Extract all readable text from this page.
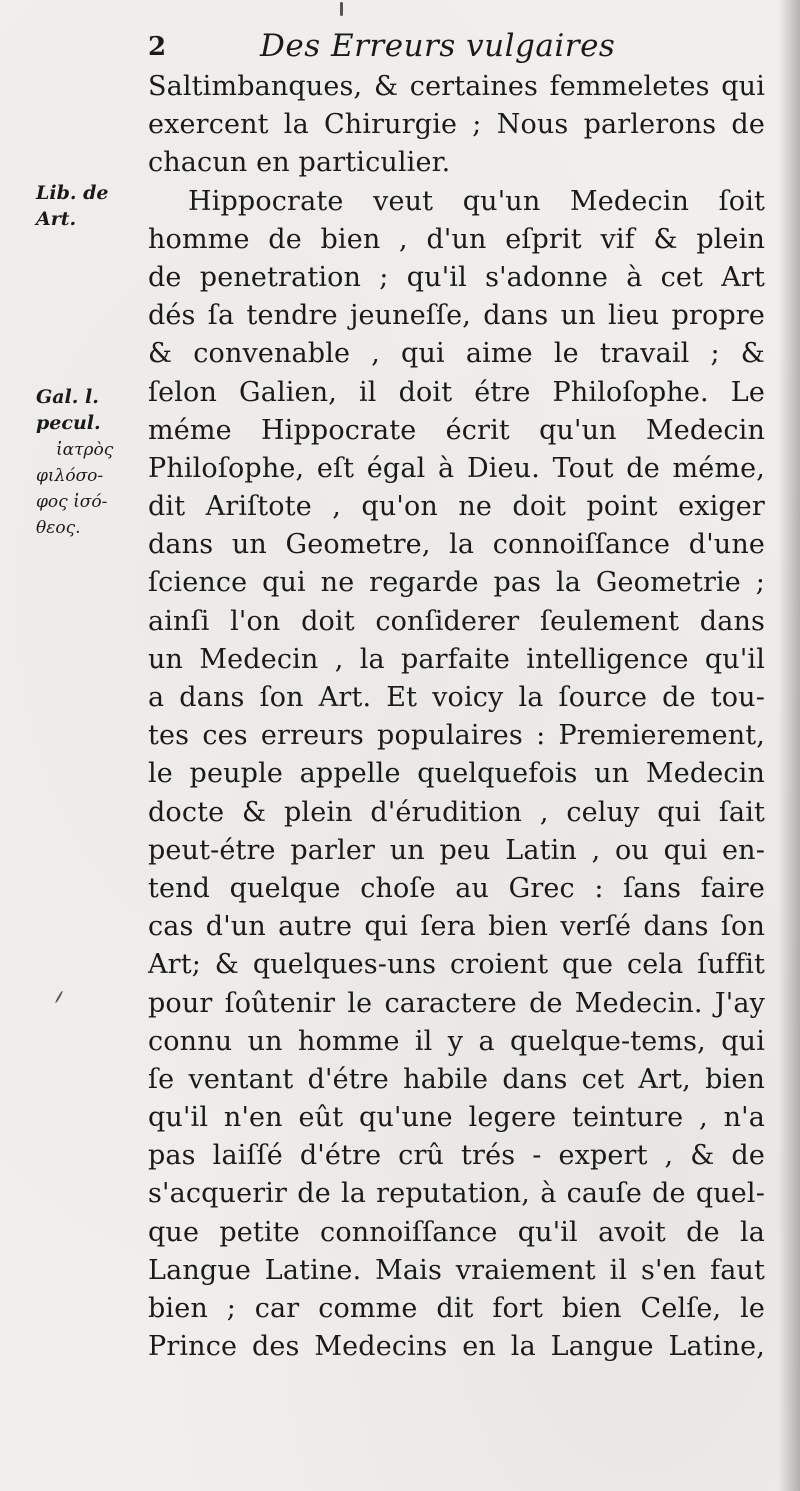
2	Des Erreurs vulgaires
Lib. de
Art.
Gal. l.
pecul.
ἰατρὸς
φιλόσο-
φος ἰσό-
θεος.
Saltimbanques, & certaines femmeletes qui
exercent la Chirurgie ; Nous parlerons de
chacun en particulier.
Hippocrate veut qu'un Medecin ſoit
homme de bien , d'un eſprit vif & plein
de penetration ; qu'il s'adonne à cet Art
dés ſa tendre jeuneſſe, dans un lieu propre
& convenable , qui aime le travail ; &
ſelon Galien, il doit étre Philoſophe. Le
méme Hippocrate écrit qu'un Medecin
Philoſophe, eſt égal à Dieu. Tout de méme,
dit Ariſtote , qu'on ne doit point exiger
dans un Geometre, la connoiſſance d'une
ſcience qui ne regarde pas la Geometrie ;
ainſi l'on doit conſiderer ſeulement dans
un Medecin , la parfaite intelligence qu'il
a dans ſon Art. Et voicy la ſource de tou-
tes ces erreurs populaires : Premierement,
le peuple appelle quelquefois un Medecin
docte & plein d'érudition , celuy qui ſait
peut-étre parler un peu Latin , ou qui en-
tend quelque choſe au Grec : ſans faire
cas d'un autre qui ſera bien verſé dans ſon
Art; & quelques-uns croient que cela ſuffit
pour ſoûtenir le caractere de Medecin. J'ay
connu un homme il y a quelque-tems, qui
ſe ventant d'étre habile dans cet Art, bien
qu'il n'en eût qu'une legere teinture , n'a
pas laiſſé d'étre crû trés - expert , & de
s'acquerir de la reputation, à cauſe de quel-
que petite connoiſſance qu'il avoit de la
Langue Latine. Mais vraiement il s'en faut
bien ; car comme dit fort bien Celſe, le
Prince des Medecins en la Langue Latine,
